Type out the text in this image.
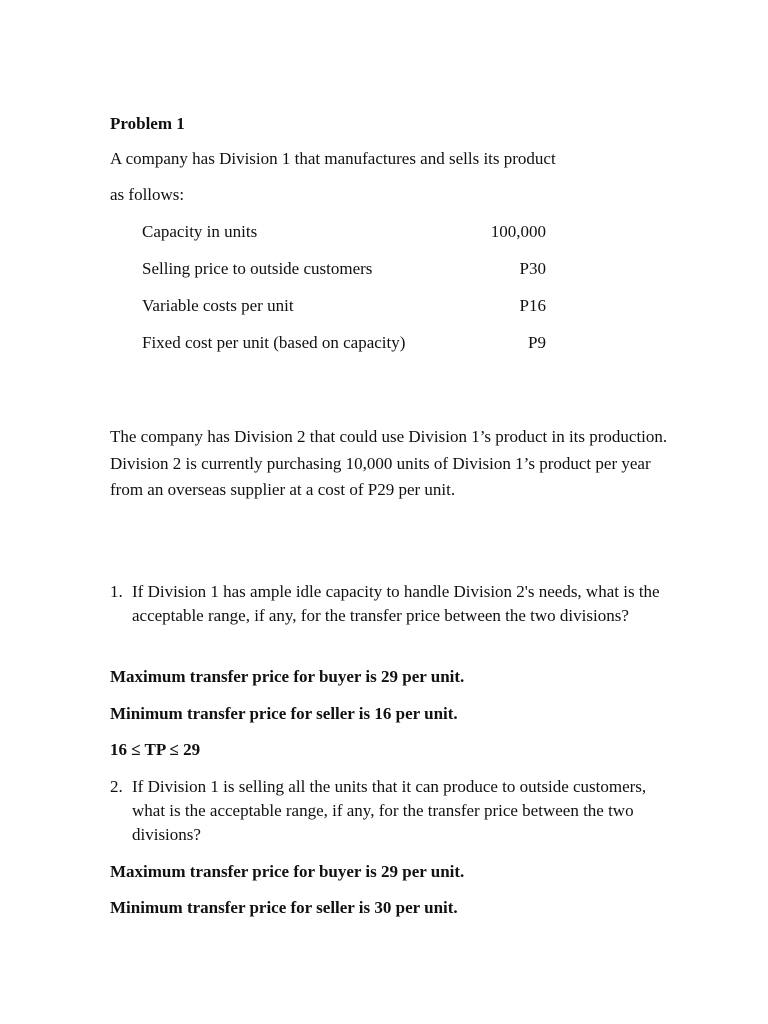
Problem 1
A company has Division 1 that manufactures and sells its product
as follows:
Capacity in units	100,000
Selling price to outside customers	P30
Variable costs per unit	P16
Fixed cost per unit (based on capacity)	P9
The company has Division 2 that could use Division 1’s product in its production. Division 2 is currently purchasing 10,000 units of Division 1’s product per year from an overseas supplier at a cost of P29 per unit.
1. If Division 1 has ample idle capacity to handle Division 2's needs, what is the acceptable range, if any, for the transfer price between the two divisions?
Maximum transfer price for buyer is 29 per unit.
Minimum transfer price for seller is 16 per unit.
16 ≤ TP ≤ 29
2. If Division 1 is selling all the units that it can produce to outside customers, what is the acceptable range, if any, for the transfer price between the two divisions?
Maximum transfer price for buyer is 29 per unit.
Minimum transfer price for seller is 30 per unit.
